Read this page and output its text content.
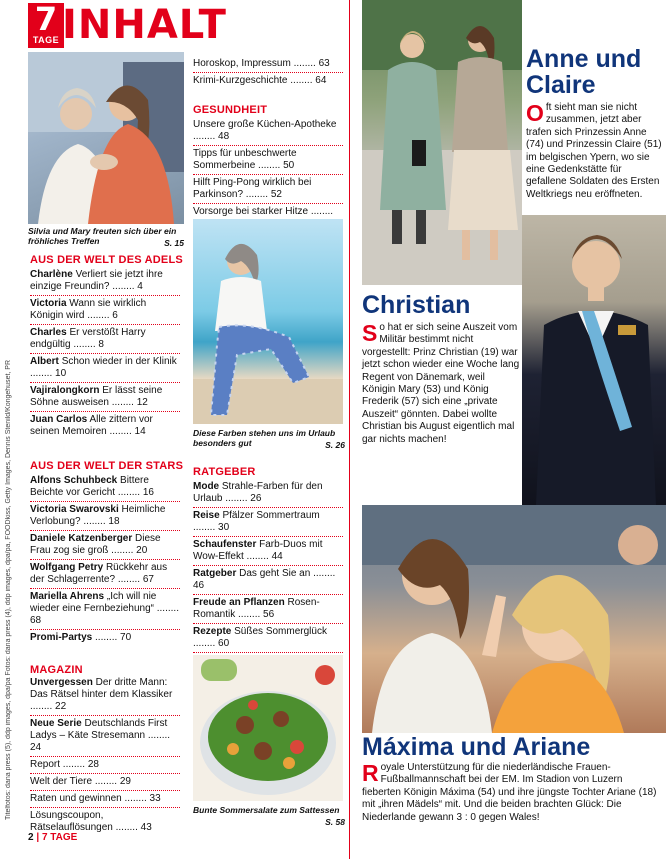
7
TAGE INHALT
Silvia und Mary freuten sich über ein fröhliches Treffen	S. 15
AUS DER WELT DES ADELS
Charlène Verliert sie jetzt ihre einzige Freundin? ........ 4
Victoria Wann sie wirklich Königin wird ........ 6
Charles Er verstößt Harry endgültig ........ 8
Albert Schon wieder in der Klinik ........ 10
Vajiralongkorn Er lässt seine Söhne ausweisen ........ 12
Juan Carlos Alle zittern vor seinen Memoiren ........ 14
AUS DER WELT DER STARS
Alfons Schuhbeck Bittere Beichte vor Gericht ........ 16
Victoria Swarovski Heimliche Verlobung? ........ 18
Daniele Katzenberger Diese Frau zog sie groß ........ 20
Wolfgang Petry Rückkehr aus der Schlagerrente? ........ 67
Mariella Ahrens „Ich will nie wieder eine Fernbeziehung“ ........ 68
Promi-Partys ........ 70
MAGAZIN
Unvergessen Der dritte Mann: Das Rätsel hinter dem Klassiker ........ 22
Neue Serie Deutschlands First Ladys – Käte Stresemann ........ 24
Report ........ 28
Welt der Tiere ........ 29
Raten und gewinnen ........ 33
Lösungscoupon, Rätselauflösungen ........ 43
Horoskop, Impressum ........ 63
Krimi-Kurzgeschichte ........ 64
GESUNDHEIT
Unsere große Küchen-Apotheke ........ 48
Tipps für unbeschwerte Sommerbeine ........ 50
Hilft Ping-Pong wirklich bei Parkinson? ........ 52
Vorsorge bei starker Hitze ........
Diese Farben stehen uns im Urlaub besonders gut	S. 26
RATGEBER
Mode Strahle-Farben für den Urlaub ........ 26
Reise Pfälzer Sommertraum ........ 30
Schaufenster Farb-Duos mit Wow-Effekt ........ 44
Ratgeber Das geht Sie an ........ 46
Freude an Pflanzen Rosen-Romantik ........ 56
Rezepte Süßes Sommerglück ........ 60
Bunte Sommersalate zum Sattessen
S. 58
Anne und Claire
Oft sieht man sie nicht zusammen, jetzt aber trafen sich Prinzessin Anne (74) und Prinzessin Claire (51) im belgischen Ypern, wo sie eine Gedenkstätte für gefallene Soldaten des Ersten Weltkriegs neu eröffneten.
Christian
So hat er sich seine Auszeit vom Militär bestimmt nicht vorgestellt: Prinz Christian (19) war jetzt schon wieder eine Woche lang Regent von Dänemark, weil Königin Mary (53) und König Frederik (57) sich eine „private Auszeit“ gönnten. Dabei wollte Christian bis August eigentlich mal gar nichts machen!
Máxima und Ariane
Royale Unterstützung für die niederländische Frauen-Fußballmannschaft bei der EM. Im Stadion von Luzern fieberten Königin Máxima (54) und ihre jüngste Tochter Ariane (18) mit „ihren Mädels“ mit. Und die beiden brachten Glück: Die Niederlande gewann 3 : 0 gegen Wales!
Titelfotos: dana press (5), ddp images, dpa/pa Fotos: dana press (4), ddp images, dpa/pa, FOODkiss, Getty Images, Dennis Stenild/Kongehuset, PR
2 | 7 TAGE
